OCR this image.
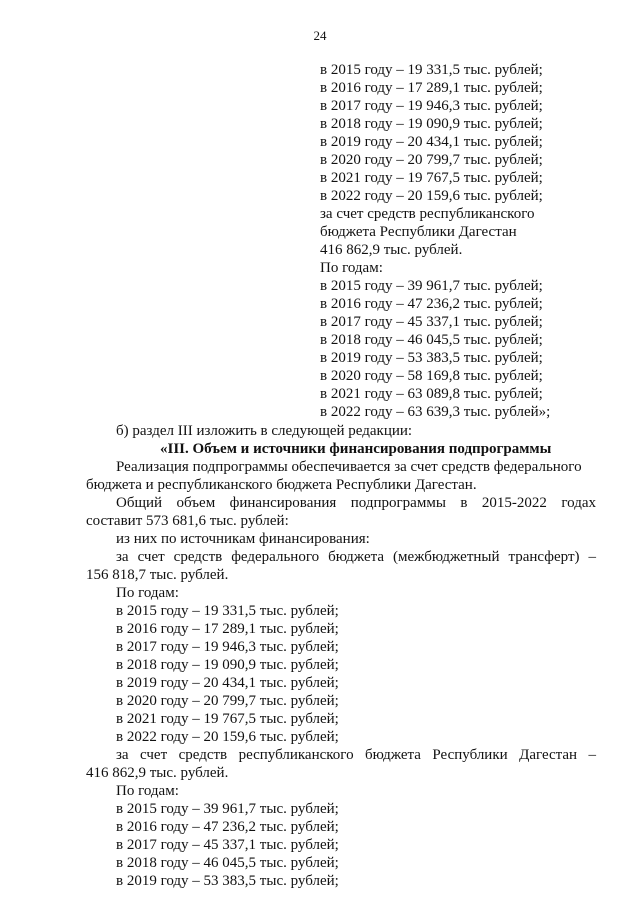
24
в 2015 году – 19 331,5 тыс. рублей;
в 2016 году – 17 289,1 тыс. рублей;
в 2017 году – 19 946,3 тыс. рублей;
в 2018 году – 19 090,9 тыс. рублей;
в 2019 году – 20 434,1 тыс. рублей;
в 2020 году – 20 799,7 тыс. рублей;
в 2021 году – 19 767,5 тыс. рублей;
в 2022 году – 20 159,6 тыс. рублей;
за счет средств республиканского
бюджета Республики Дагестан
416 862,9 тыс. рублей.
По годам:
в 2015 году – 39 961,7 тыс. рублей;
в 2016 году – 47 236,2 тыс. рублей;
в 2017 году – 45 337,1 тыс. рублей;
в 2018 году – 46 045,5 тыс. рублей;
в 2019 году – 53 383,5 тыс. рублей;
в 2020 году – 58 169,8 тыс. рублей;
в 2021 году – 63 089,8 тыс. рублей;
в 2022 году – 63 639,3 тыс. рублей»;
б) раздел III изложить в следующей редакции:
«III. Объем и источники финансирования подпрограммы
Реализация подпрограммы обеспечивается за счет средств федерального
бюджета и республиканского бюджета Республики Дагестан.
Общий объем финансирования подпрограммы в 2015-2022 годах
составит 573 681,6 тыс. рублей:
из них по источникам финансирования:
за счет средств федерального бюджета (межбюджетный трансферт) –
156 818,7 тыс. рублей.
По годам:
в 2015 году – 19 331,5 тыс. рублей;
в 2016 году – 17 289,1 тыс. рублей;
в 2017 году – 19 946,3 тыс. рублей;
в 2018 году – 19 090,9 тыс. рублей;
в 2019 году – 20 434,1 тыс. рублей;
в 2020 году – 20 799,7 тыс. рублей;
в 2021 году – 19 767,5 тыс. рублей;
в 2022 году – 20 159,6 тыс. рублей;
за счет средств республиканского бюджета Республики Дагестан –
416 862,9 тыс. рублей.
По годам:
в 2015 году – 39 961,7 тыс. рублей;
в 2016 году – 47 236,2 тыс. рублей;
в 2017 году – 45 337,1 тыс. рублей;
в 2018 году – 46 045,5 тыс. рублей;
в 2019 году – 53 383,5 тыс. рублей;
